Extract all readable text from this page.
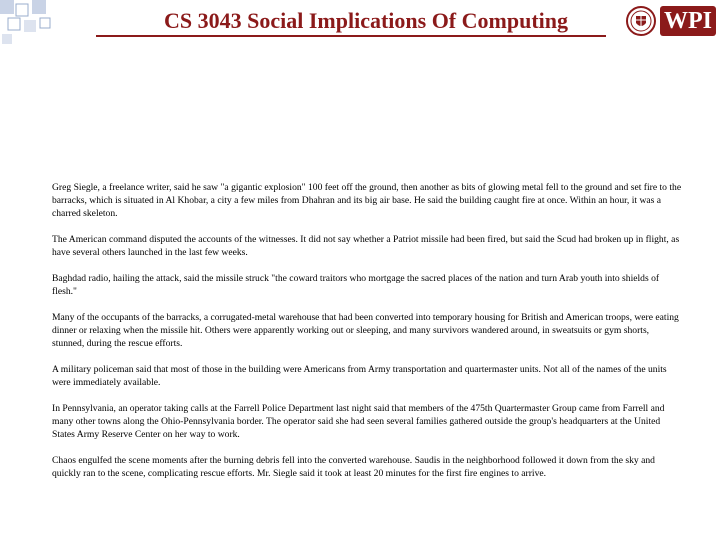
CS 3043 Social Implications Of Computing	WPI

Greg Siegle, a freelance writer, said he saw "a gigantic explosion" 100 feet off the ground, then another as bits of glowing metal fell to the ground and set fire to the barracks, which is situated in Al Khobar, a city a few miles from Dhahran and its big air base. He said the building caught fire at once. Within an hour, it was a charred skeleton.

The American command disputed the accounts of the witnesses. It did not say whether a Patriot missile had been fired, but said the Scud had broken up in flight, as have several others launched in the last few weeks.

Baghdad radio, hailing the attack, said the missile struck "the coward traitors who mortgage the sacred places of the nation and turn Arab youth into shields of flesh."

Many of the occupants of the barracks, a corrugated-metal warehouse that had been converted into temporary housing for British and American troops, were eating dinner or relaxing when the missile hit. Others were apparently working out or sleeping, and many survivors wandered around, in sweatsuits or gym shorts, stunned, during the rescue efforts.

A military policeman said that most of those in the building were Americans from Army transportation and quartermaster units. Not all of the names of the units were immediately available.

In Pennsylvania, an operator taking calls at the Farrell Police Department last night said that members of the 475th Quartermaster Group came from Farrell and many other towns along the Ohio-Pennsylvania border. The operator said she had seen several families gathered outside the group's headquarters at the United States Army Reserve Center on her way to work.

Chaos engulfed the scene moments after the burning debris fell into the converted warehouse. Saudis in the neighborhood followed it down from the sky and quickly ran to the scene, complicating rescue efforts. Mr. Siegle said it took at least 20 minutes for the first fire engines to arrive.
